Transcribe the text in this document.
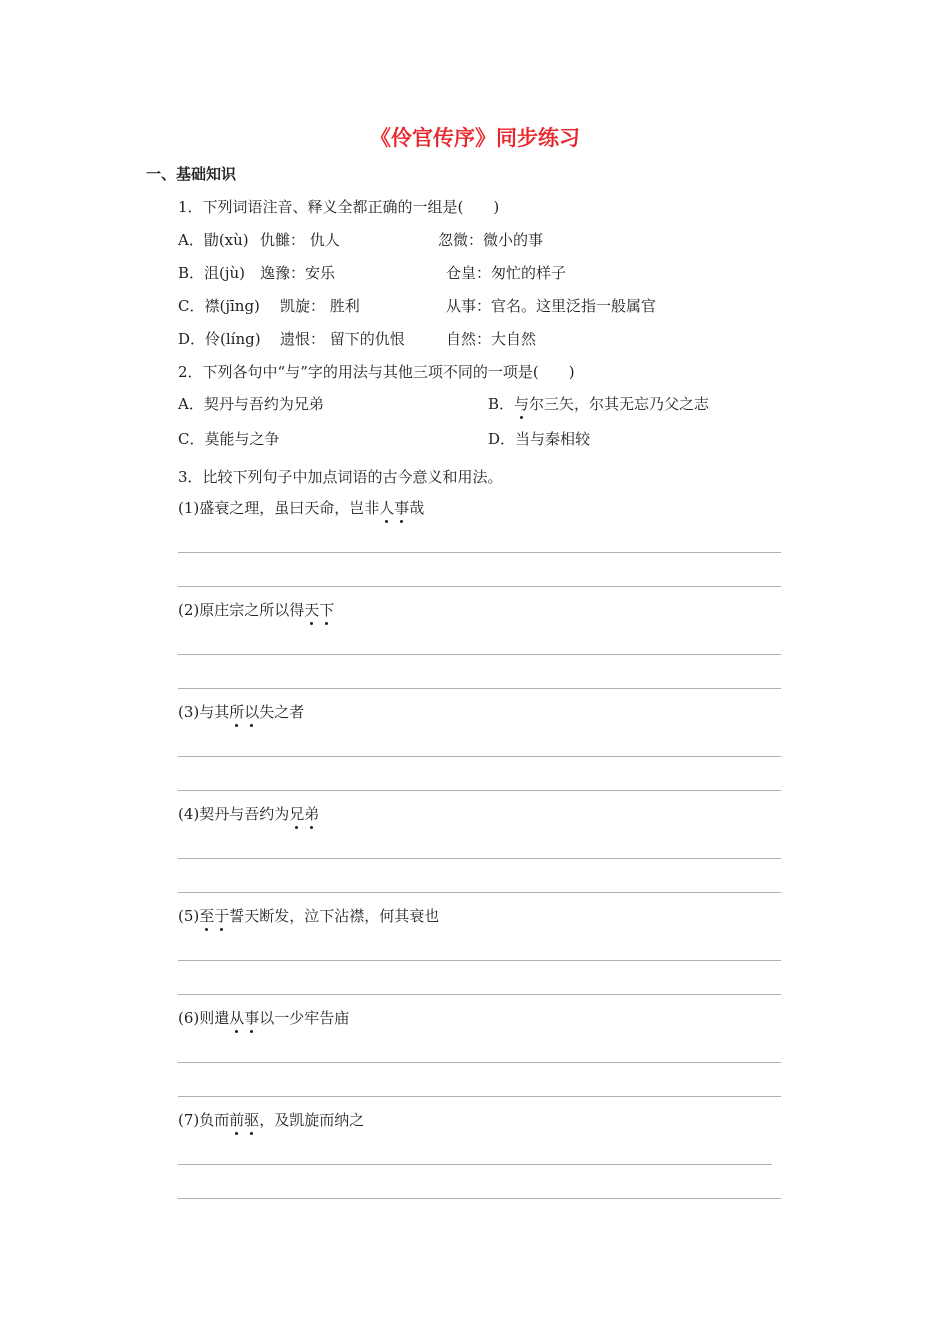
《伶官传序》同步练习
一、基础知识
1．下列词语注音、释义全都正确的一组是(　　)
A．勖(xù) 仇雠： 仇人	忽微：微小的事
B．沮(jù) 逸豫：安乐	仓皇：匆忙的样子
C．襟(jīng) 凯旋： 胜利	从事：官名。这里泛指一般属官
D．伶(líng) 遗恨： 留下的仇恨	自然：大自然
2．下列各句中“与”字的用法与其他三项不同的一项是(　　)
A．契丹与吾约为兄弟	B．与尔三矢，尔其无忘乃父之志
C．莫能与之争	D．当与秦相较
3．比较下列句子中加点词语的古今意义和用法。
(1)盛衰之理，虽曰天命，岂非人事哉
(2)原庄宗之所以得天下
(3)与其所以失之者
(4)契丹与吾约为兄弟
(5)至于誓天断发，泣下沾襟，何其衰也
(6)则遣从事以一少牢告庙
(7)负而前驱，及凯旋而纳之
